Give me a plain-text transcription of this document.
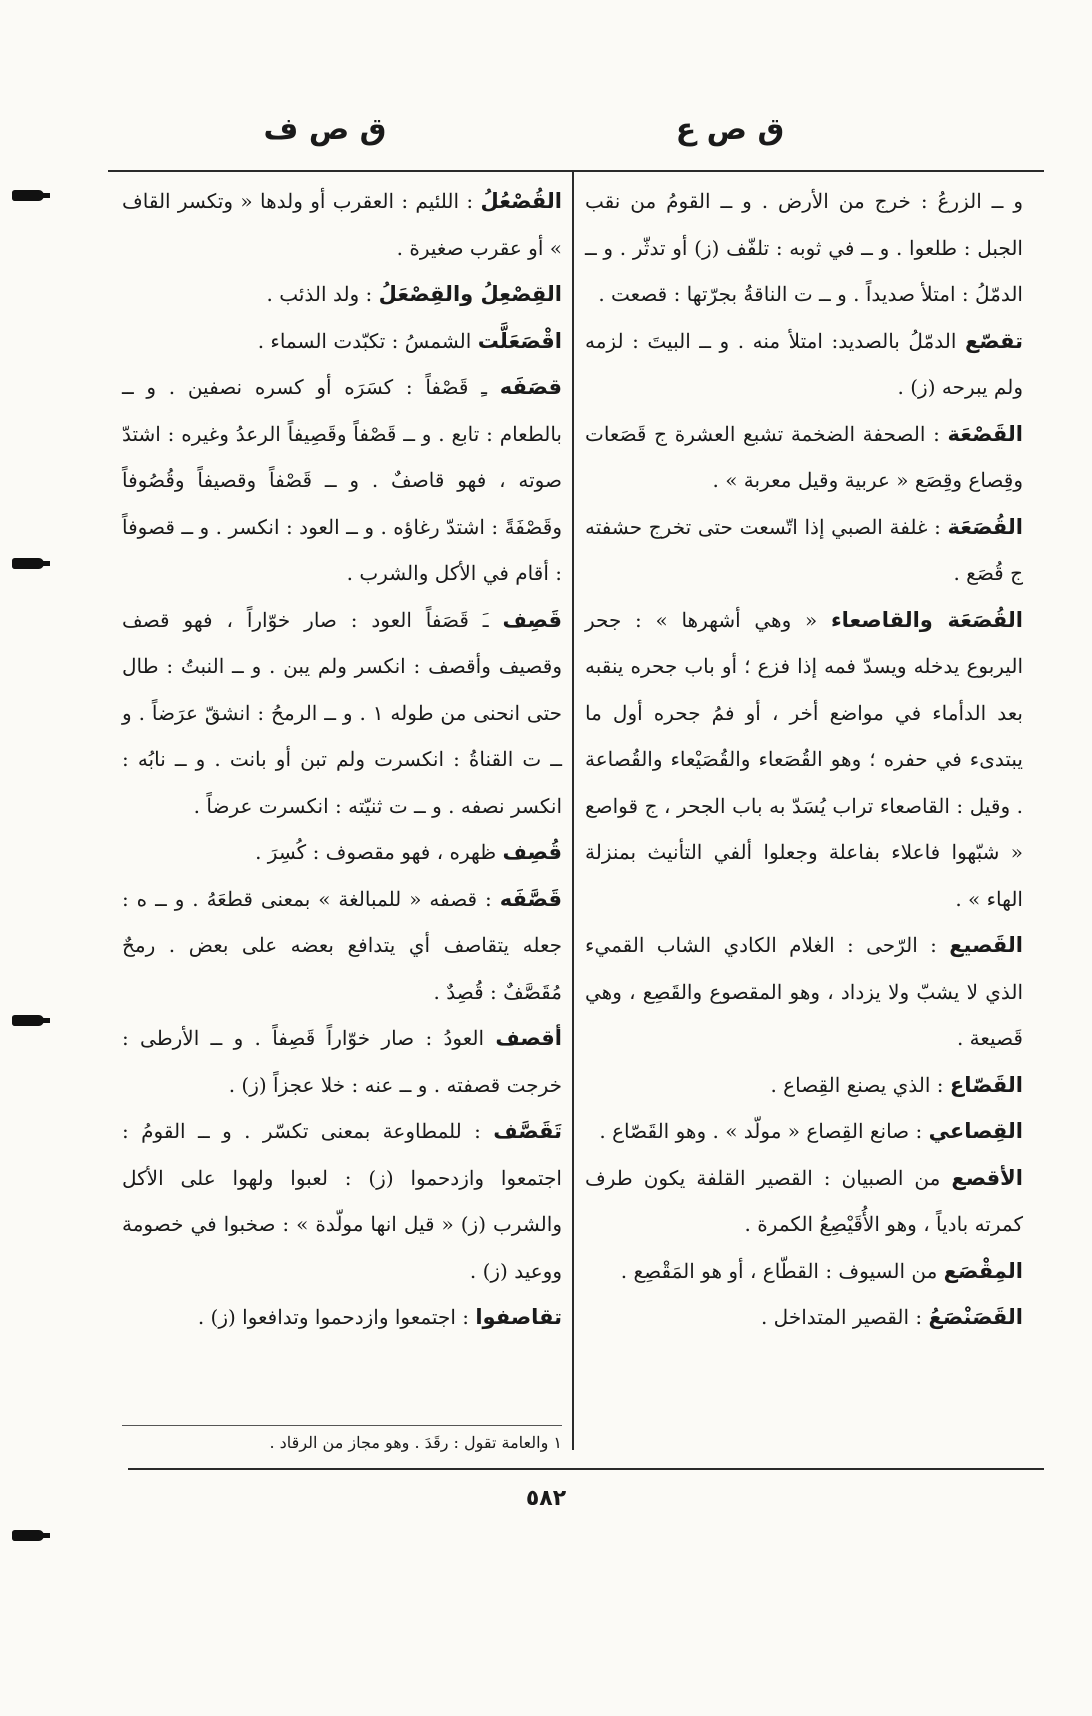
ق ص ع
ق ص ف

و ــ الزرعُ : خرج من الأرض . و ــ القومُ من نقب الجبل : طلعوا . و ــ في ثوبه : تلفّف (ز) أو تدثّر . و ــ الدمّلُ : امتلأ صديداً . و ــ ت الناقةُ بجرّتها : قصعت .

تقصّع الدمّلُ بالصديد: امتلأ منه . و ــ البيتَ : لزمه ولم يبرحه (ز) .

القَصْعَة : الصحفة الضخمة تشبع العشرة ج قَصَعات وقِصاع وقِصَع « عربية وقيل معربة » .

القُصَعَة : غلفة الصبي إذا اتّسعت حتى تخرج حشفته ج قُصَع .

القُصَعَة والقاصعاء « وهي أشهرها » : جحر اليربوع يدخله ويسدّ فمه إذا فزع ؛ أو باب جحره ينقبه بعد الدأماء في مواضع أخر ، أو فمُ جحره أول ما يبتدىء في حفره ؛ وهو القُصَعاء والقُصَيْعاء والقُصاعة . وقيل : القاصعاء تراب يُسَدّ به باب الجحر ، ج قواصع « شبّهوا فاعلاء بفاعلة وجعلوا ألفي التأنيث بمنزلة الهاء » .

القَصيع : الرّحى : الغلام الكادي الشاب القميء الذي لا يشبّ ولا يزداد ، وهو المقصوع والقَصِع ، وهي قَصيعة .

القَصّاع : الذي يصنع القِصاع .

القِصاعي : صانع القِصاع « مولّد » . وهو القَصّاع .

الأقصع من الصبيان : القصير القلفة يكون طرف كمرته بادياً ، وهو الأُقَيْصِعُ الكمرة .

المِقْصَع من السيوف : القطّاع ، أو هو المَقْصِع .

القَصَنْصَعُ : القصير المتداخل .

القُصْعُلُ : اللئيم : العقرب أو ولدها « وتكسر القاف » أو عقرب صغيرة .

القِصْعِلُ والقِصْعَلُ : ولد الذئب .

اقْصَعَلَّت الشمسُ : تكبّدت السماء .

قصَفَه ـِ قَصْفاً : كسَرَه أو كسره نصفين . و ــ بالطعام : تابع . و ــ قَصْفاً وقَصِيفاً الرعدُ وغيره : اشتدّ صوته ، فهو قاصفٌ . و ــ قَصْفاً وقصيفاً وقُصُوفاً وقَصْفَةً : اشتدّ رغاؤه . و ــ العود : انكسر . و ــ قصوفاً : أقام في الأكل والشرب .

قَصِف ـَ قَصَفاً العود : صار خوّاراً ، فهو قصف وقصيف وأقصف : انكسر ولم يبن . و ــ النبتُ : طال حتى انحنى من طوله ١ . و ــ الرمحُ : انشقّ عرَضاً . و ــ ت القناةُ : انكسرت ولم تبن أو بانت . و ــ نابُه : انكسر نصفه . و ــ ت ثنيّته : انكسرت عرضاً .

قُصِف ظهره ، فهو مقصوف : كُسِرَ .

قَصَّفَه : قصفه « للمبالغة » بمعنى قطعَهُ . و ــ ه : جعله يتقاصف أي يتدافع بعضه على بعض . رمحٌ مُقَصَّفٌ : قُصِدٌ .

أقصف العودُ : صار خوّاراً قَصِفاً . و ــ الأرطى : خرجت قصفته . و ــ عنه : خلا عجزاً (ز) .

تَقَصَّف : للمطاوعة بمعنى تكسّر . و ــ القومُ : اجتمعوا وازدحموا (ز) : لعبوا ولهوا على الأكل والشرب (ز) « قيل انها مولّدة » : صخبوا في خصومة ووعيد (ز) .

تقاصفوا : اجتمعوا وازدحموا وتدافعوا (ز) .

١ والعامة تقول : رقَدَ . وهو مجاز من الرقاد .
٥٨٢
